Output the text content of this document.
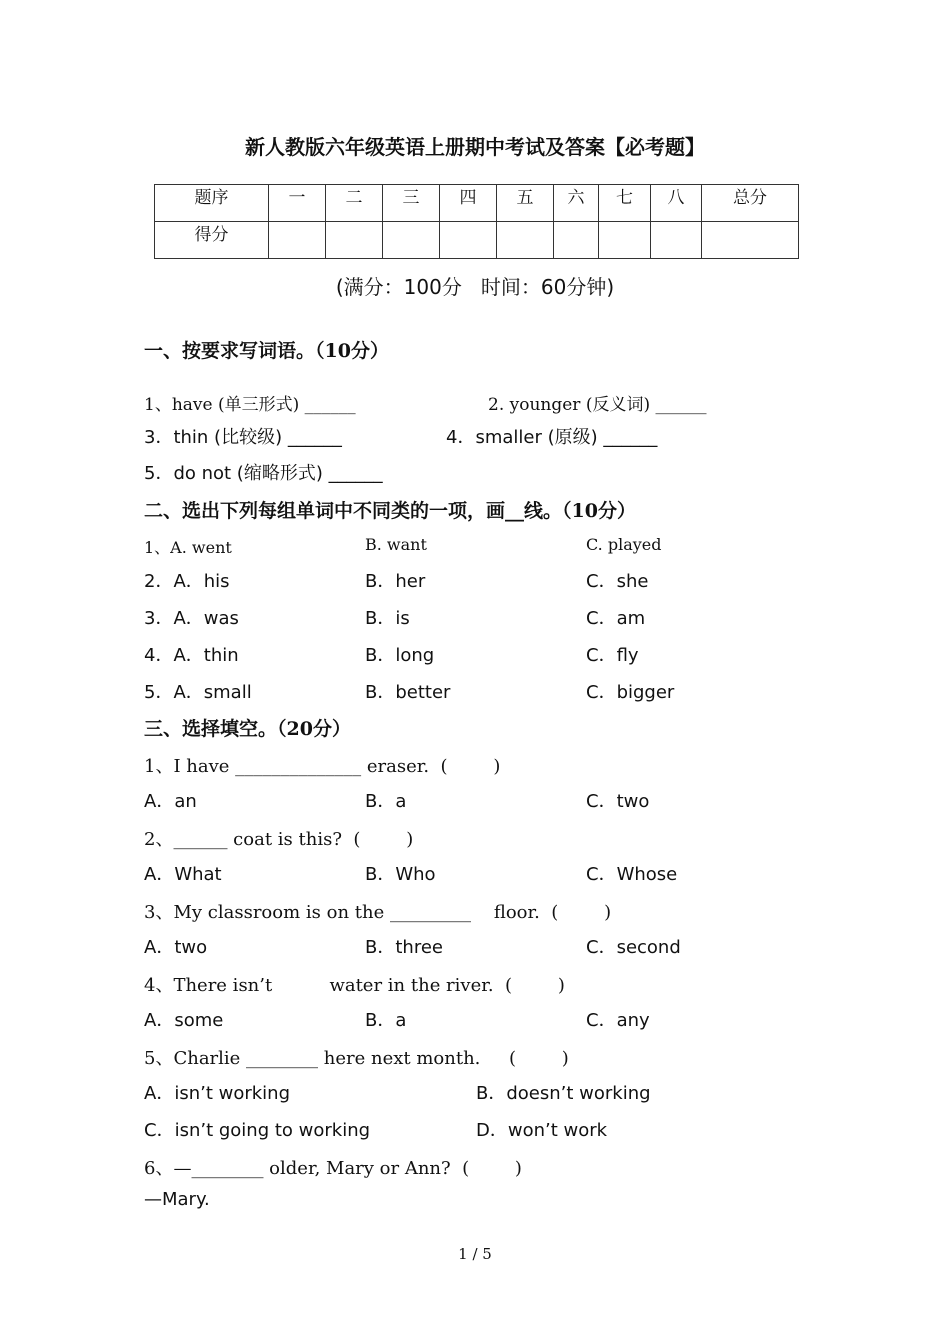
新人教版六年级英语上册期中考试及答案【必考题】
题序	一	二	三	四	五	六	七	八	总分
得分									
(满分：100分   时间：60分钟)
一、按要求写词语。（10分）
1、have (单三形式) ______	2. younger (反义词) ______
3．thin (比较级) ______	4．smaller (原级) ______
5．do not (缩略形式) ______
二、选出下列每组单词中不同类的一项，画__线。（10分）
1、A. went	B. want	C. played
2．A．his	B．her	C．she
3．A．was	B．is	C．am
4．A．thin	B．long	C．fly
5．A．small	B．better	C．bigger
三、选择填空。（20分）
1、I have ______________ eraser.  (        )
A．an	B．a	C．two
2、______ coat is this?  (        )
A．What	B．Who	C．Whose
3、My classroom is on the _________    floor.  (        )
A．two	B．three	C．second
4、There isn’t          water in the river.  (        )
A．some	B．a	C．any
5、Charlie ________ here next month.     (        )
A．isn’t working	B．doesn’t working
C．isn’t going to working	D．won’t work
6、—________ older, Mary or Ann?  (        )
—Mary.
1 / 5
